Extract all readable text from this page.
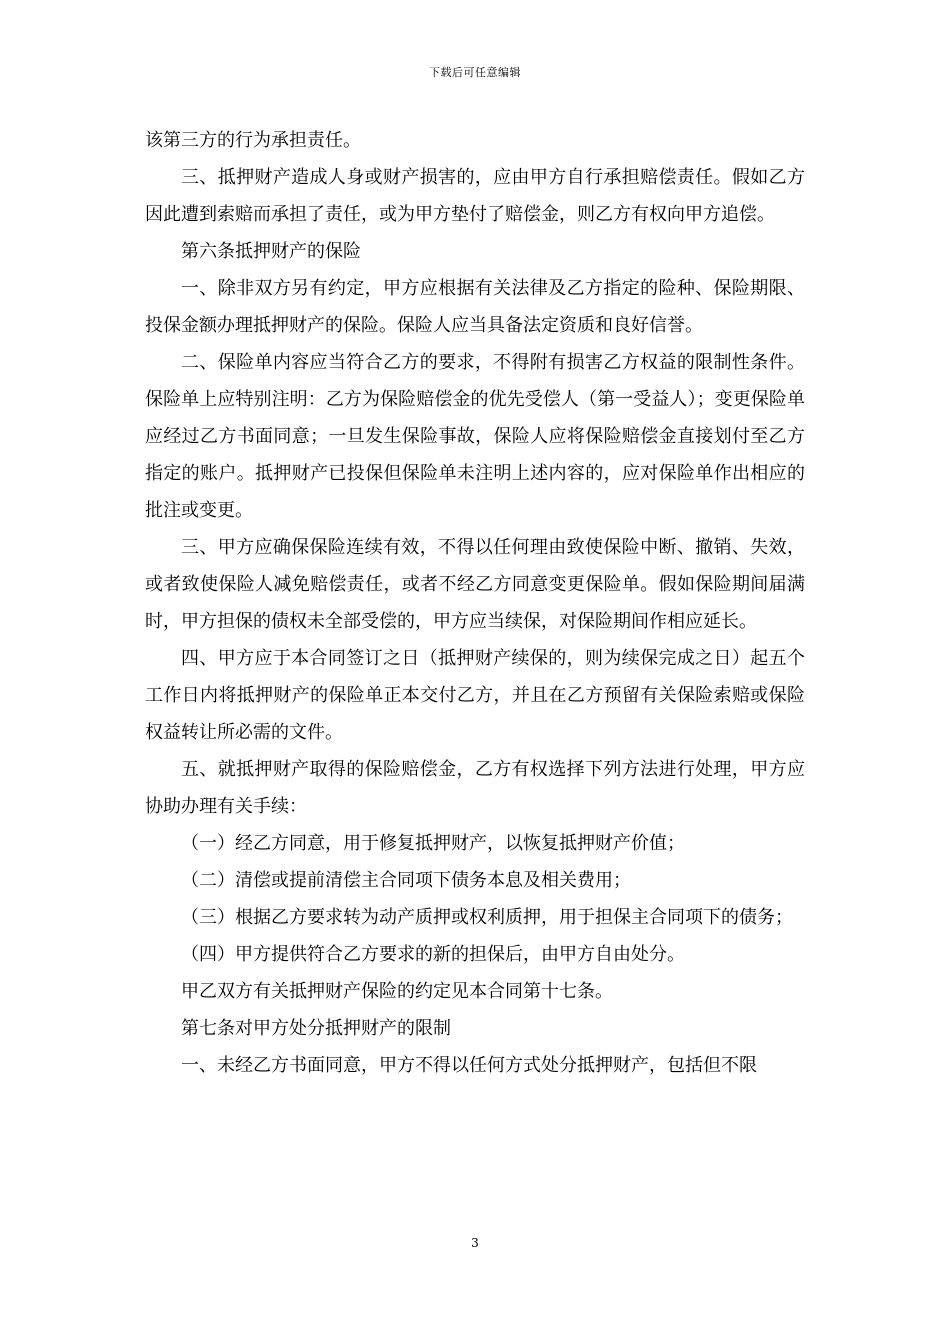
下载后可任意编辑

该第三方的行为承担责任。

三、抵押财产造成人身或财产损害的，应由甲方自行承担赔偿责任。假如乙方因此遭到索赔而承担了责任，或为甲方垫付了赔偿金，则乙方有权向甲方追偿。

第六条抵押财产的保险

一、除非双方另有约定，甲方应根据有关法律及乙方指定的险种、保险期限、投保金额办理抵押财产的保险。保险人应当具备法定资质和良好信誉。

二、保险单内容应当符合乙方的要求，不得附有损害乙方权益的限制性条件。保险单上应特别注明：乙方为保险赔偿金的优先受偿人（第一受益人）；变更保险单应经过乙方书面同意；一旦发生保险事故，保险人应将保险赔偿金直接划付至乙方指定的账户。抵押财产已投保但保险单未注明上述内容的，应对保险单作出相应的批注或变更。

三、甲方应确保保险连续有效，不得以任何理由致使保险中断、撤销、失效，或者致使保险人减免赔偿责任，或者不经乙方同意变更保险单。假如保险期间届满时，甲方担保的债权未全部受偿的，甲方应当续保，对保险期间作相应延长。

四、甲方应于本合同签订之日（抵押财产续保的，则为续保完成之日）起五个工作日内将抵押财产的保险单正本交付乙方，并且在乙方预留有关保险索赔或保险权益转让所必需的文件。

五、就抵押财产取得的保险赔偿金，乙方有权选择下列方法进行处理，甲方应协助办理有关手续：

（一）经乙方同意，用于修复抵押财产，以恢复抵押财产价值；

（二）清偿或提前清偿主合同项下债务本息及相关费用；

（三）根据乙方要求转为动产质押或权利质押，用于担保主合同项下的债务；

（四）甲方提供符合乙方要求的新的担保后，由甲方自由处分。

甲乙双方有关抵押财产保险的约定见本合同第十七条。

第七条对甲方处分抵押财产的限制

一、未经乙方书面同意，甲方不得以任何方式处分抵押财产，包括但不限

3
